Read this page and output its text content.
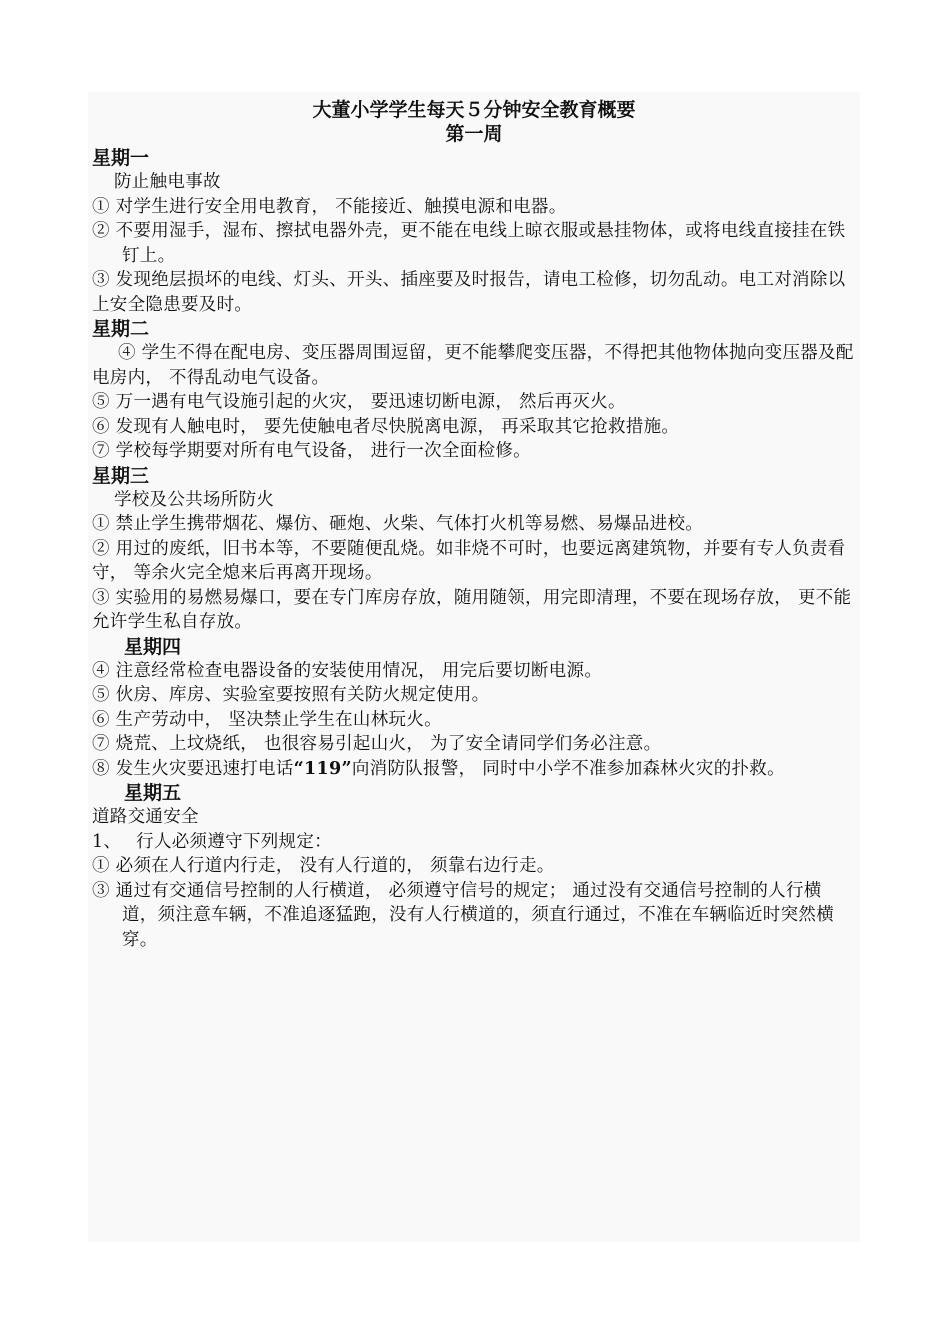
大董小学学生每天５分钟安全教育概要

第一周

星期一

防止触电事故

① 对学生进行安全用电教育， 不能接近、触摸电源和电器。

② 不要用湿手，湿布、擦拭电器外壳，更不能在电线上晾衣服或悬挂物体，或将电线直接挂在铁钉上。

③ 发现绝层损坏的电线、灯头、开头、插座要及时报告，请电工检修，切勿乱动。电工对消除以上安全隐患要及时。

星期二

④ 学生不得在配电房、变压器周围逗留，更不能攀爬变压器，不得把其他物体抛向变压器及配电房内， 不得乱动电气设备。

⑤ 万一遇有电气设施引起的火灾， 要迅速切断电源， 然后再灭火。

⑥ 发现有人触电时， 要先使触电者尽快脱离电源， 再采取其它抢救措施。

⑦ 学校每学期要对所有电气设备， 进行一次全面检修。

星期三

学校及公共场所防火

① 禁止学生携带烟花、爆仿、砸炮、火柴、气体打火机等易燃、易爆品进校。

② 用过的废纸，旧书本等，不要随便乱烧。如非烧不可时，也要远离建筑物，并要有专人负责看守， 等余火完全熄来后再离开现场。

③ 实验用的易燃易爆口，要在专门库房存放，随用随领，用完即清理，不要在现场存放， 更不能允许学生私自存放。

星期四

④ 注意经常检查电器设备的安装使用情况， 用完后要切断电源。

⑤ 伙房、库房、实验室要按照有关防火规定使用。

⑥ 生产劳动中， 坚决禁止学生在山林玩火。

⑦ 烧荒、上坟烧纸， 也很容易引起山火， 为了安全请同学们务必注意。

⑧ 发生火灾要迅速打电话“119”向消防队报警， 同时中小学不准参加森林火灾的扑救。

星期五

道路交通安全

1、　 行人必须遵守下列规定：

① 必须在人行道内行走， 没有人行道的， 须靠右边行走。

③ 通过有交通信号控制的人行横道， 必须遵守信号的规定； 通过没有交通信号控制的人行横道，须注意车辆，不准追逐猛跑，没有人行横道的，须直行通过，不准在车辆临近时突然横穿。
